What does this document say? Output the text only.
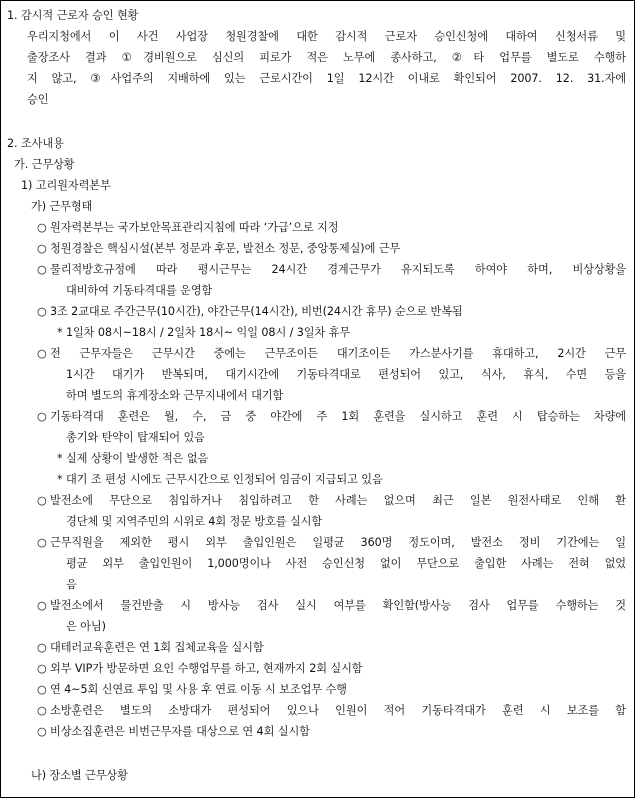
1. 감시적 근로자 승인 현황
우리지청에서 이 사건 사업장 청원경찰에 대한 감시적 근로자 승인신청에 대하여 신청서류 및
출장조사 결과 ①경비원으로 심신의 피로가 적은 노무에 종사하고, ②타 업무를 별도로 수행하
지 않고, ③사업주의 지배하에 있는 근로시간이 1일 12시간 이내로 확인되어 2007. 12. 31.자에
승인
2. 조사내용
가. 근무상황
1) 고리원자력본부
가) 근무형태
○ 원자력본부는 국가보안목표관리지침에 따라 ‘가급’으로 지정
○ 청원경찰은 핵심시설(본부 정문과 후문, 발전소 정문, 중앙통제실)에 근무
○ 물리적방호규정에 따라 평시근무는 24시간 경계근무가 유지되도록 하여야 하며, 비상상황을
대비하여 기동타격대를 운영함
○ 3조 2교대로 주간근무(10시간), 야간근무(14시간), 비번(24시간 휴무) 순으로 반복됨
* 1일차 08시~18시 / 2일차 18시~ 익일 08시 / 3일차 휴무
○ 전 근무자들은 근무시간 중에는 근무조이든 대기조이든 가스분사기를 휴대하고, 2시간 근무
1시간 대기가 반복되며, 대기시간에 기동타격대로 편성되어 있고, 식사, 휴식, 수면 등을
하며 별도의 휴게장소와 근무지내에서 대기함
○ 기동타격대 훈련은 월, 수, 금 중 야간에 주 1회 훈련을 실시하고 훈련 시 탑승하는 차량에
총기와 탄약이 탑재되어 있음
* 실제 상황이 발생한 적은 없음
* 대기 조 편성 시에도 근무시간으로 인정되어 임금이 지급되고 있음
○ 발전소에 무단으로 침입하거나 침입하려고 한 사례는 없으며 최근 일본 원전사태로 인해 환
경단체 및 지역주민의 시위로 4회 정문 방호를 실시함
○ 근무직원을 제외한 평시 외부 출입인원은 일평균 360명 정도이며, 발전소 정비 기간에는 일
평균 외부 출입인원이 1,000명이나 사전 승인신청 없이 무단으로 출입한 사례는 전혀 없었
음
○ 발전소에서 물건반출 시 방사능 검사 실시 여부를 확인함(방사능 검사 업무를 수행하는 것
은 아님)
○ 대테러교육훈련은 연 1회 집체교육을 실시함
○ 외부 VIP가 방문하면 요인 수행업무를 하고, 현재까지 2회 실시함
○ 연 4~5회 신연료 투입 및 사용 후 연료 이동 시 보조업무 수행
○ 소방훈련은 별도의 소방대가 편성되어 있으나 인원이 적어 기동타격대가 훈련 시 보조를 함
○ 비상소집훈련은 비번근무자를 대상으로 연 4회 실시함
나) 장소별 근무상황
